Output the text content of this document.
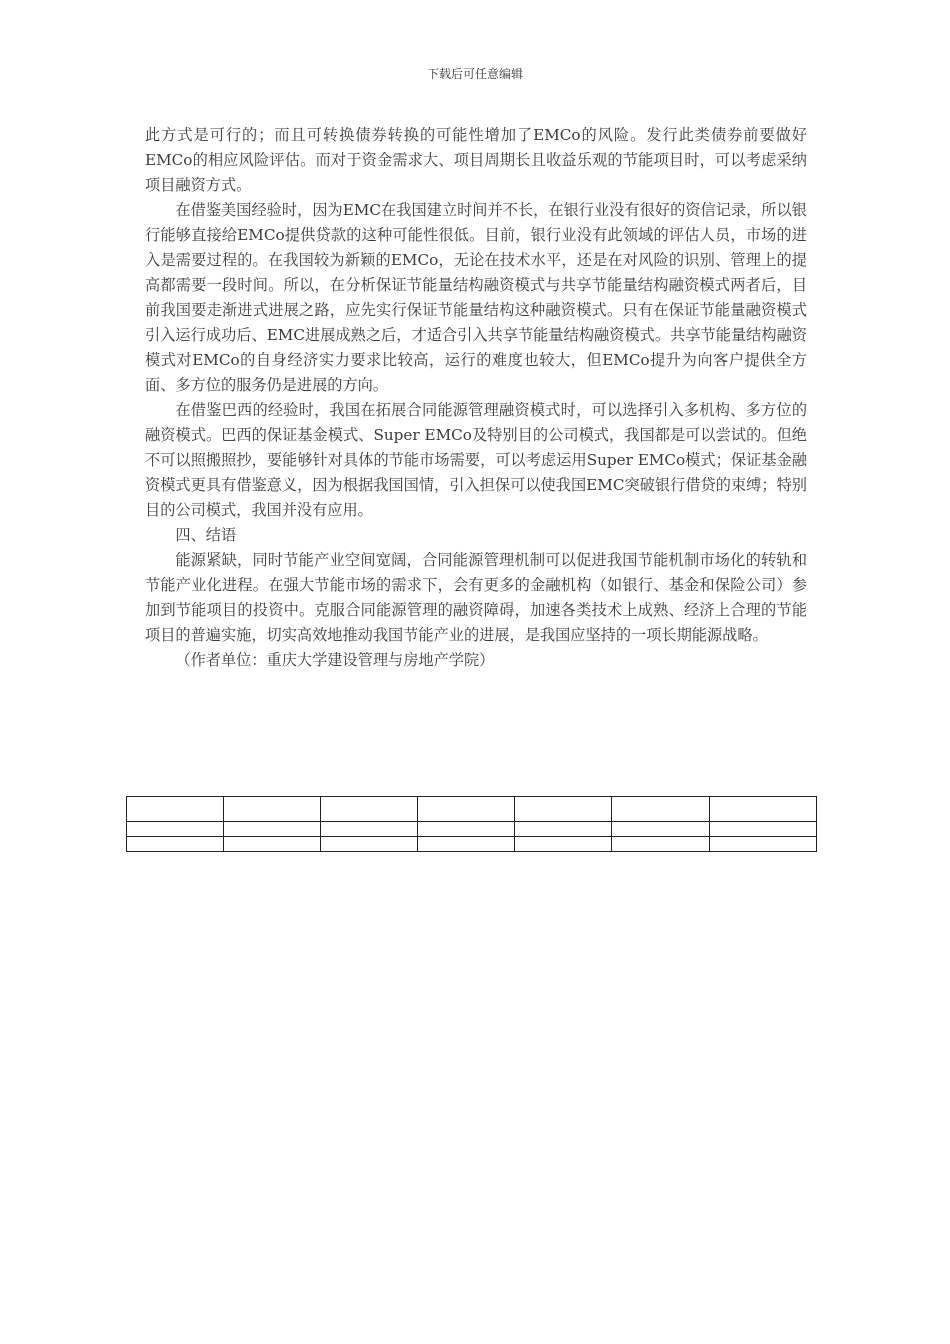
下载后可任意编辑

此方式是可行的；而且可转换债券转换的可能性增加了EMCo的风险。发行此类债券前要做好EMCo的相应风险评估。而对于资金需求大、项目周期长且收益乐观的节能项目时，可以考虑采纳项目融资方式。

在借鉴美国经验时，因为EMC在我国建立时间并不长，在银行业没有很好的资信记录，所以银行能够直接给EMCo提供贷款的这种可能性很低。目前，银行业没有此领域的评估人员，市场的进入是需要过程的。在我国较为新颖的EMCo，无论在技术水平，还是在对风险的识别、管理上的提高都需要一段时间。所以，在分析保证节能量结构融资模式与共享节能量结构融资模式两者后，目前我国要走渐进式进展之路，应先实行保证节能量结构这种融资模式。只有在保证节能量融资模式引入运行成功后、EMC进展成熟之后，才适合引入共享节能量结构融资模式。共享节能量结构融资模式对EMCo的自身经济实力要求比较高，运行的难度也较大，但EMCo提升为向客户提供全方面、多方位的服务仍是进展的方向。

在借鉴巴西的经验时，我国在拓展合同能源管理融资模式时，可以选择引入多机构、多方位的融资模式。巴西的保证基金模式、Super EMCo及特别目的公司模式，我国都是可以尝试的。但绝不可以照搬照抄，要能够针对具体的节能市场需要，可以考虑运用Super EMCo模式；保证基金融资模式更具有借鉴意义，因为根据我国国情，引入担保可以使我国EMC突破银行借贷的束缚；特别目的公司模式，我国并没有应用。

四、结语

能源紧缺，同时节能产业空间宽阔，合同能源管理机制可以促进我国节能机制市场化的转轨和节能产业化进程。在强大节能市场的需求下，会有更多的金融机构（如银行、基金和保险公司）参加到节能项目的投资中。克服合同能源管理的融资障碍，加速各类技术上成熟、经济上合理的节能项目的普遍实施，切实高效地推动我国节能产业的进展，是我国应坚持的一项长期能源战略。

（作者单位：重庆大学建设管理与房地产学院）
